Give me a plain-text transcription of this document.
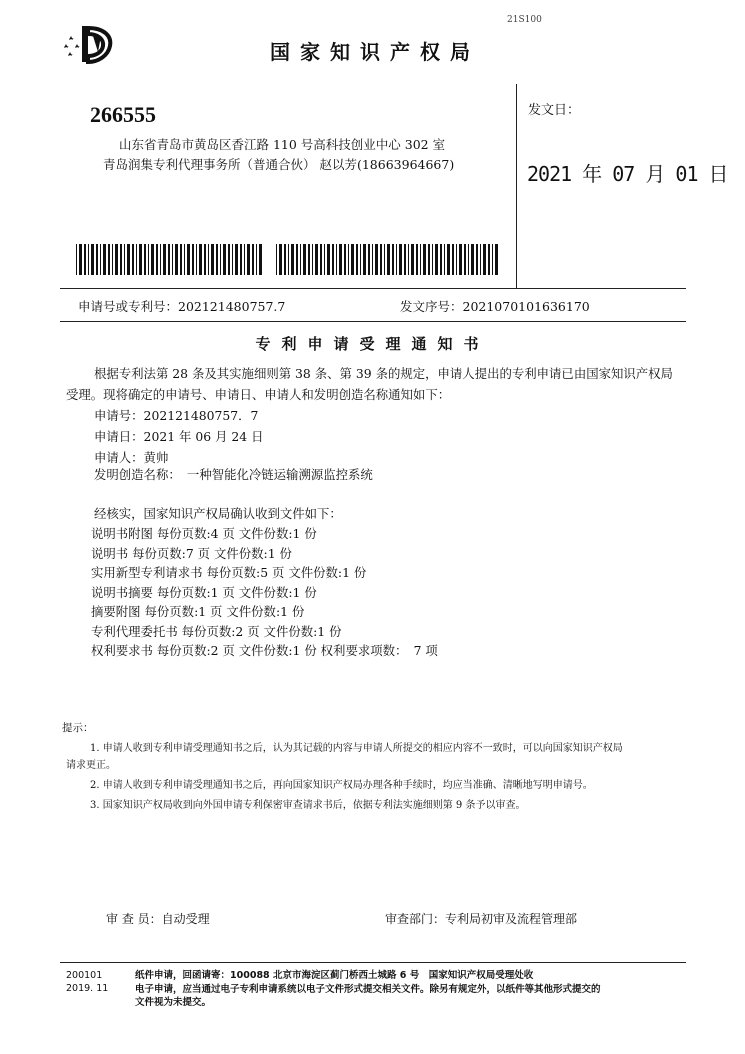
21S100
国家知识产权局
266555
山东省青岛市黄岛区香江路 110 号高科技创业中心 302 室
青岛润集专利代理事务所（普通合伙） 赵以芳(18663964667)
发文日：
2021 年 07 月 01 日
申请号或专利号：202121480757.7	发文序号：2021070101636170
专利申请受理通知书
根据专利法第 28 条及其实施细则第 38 条、第 39 条的规定，申请人提出的专利申请已由国家知识产权局
受理。现将确定的申请号、申请日、申请人和发明创造名称通知如下：
申请号：202121480757．7
申请日：2021 年 06 月 24 日
申请人：黄帅
发明创造名称：　一种智能化冷链运输溯源监控系统
经核实，国家知识产权局确认收到文件如下：
说明书附图 每份页数:4 页 文件份数:1 份
说明书 每份页数:7 页 文件份数:1 份
实用新型专利请求书 每份页数:5 页 文件份数:1 份
说明书摘要 每份页数:1 页 文件份数:1 份
摘要附图 每份页数:1 页 文件份数:1 份
专利代理委托书 每份页数:2 页 文件份数:1 份
权利要求书 每份页数:2 页 文件份数:1 份 权利要求项数：　7 项
提示：
1. 申请人收到专利申请受理通知书之后，认为其记载的内容与申请人所提交的相应内容不一致时，可以向国家知识产权局
请求更正。
2. 申请人收到专利申请受理通知书之后，再向国家知识产权局办理各种手续时，均应当准确、清晰地写明申请号。
3. 国家知识产权局收到向外国申请专利保密审查请求书后，依据专利法实施细则第 9 条予以审查。
审 查 员：自动受理	审查部门：专利局初审及流程管理部
200101
2019. 11
纸件申请，回函请寄：100088 北京市海淀区蓟门桥西土城路 6 号　国家知识产权局受理处收
电子申请，应当通过电子专利申请系统以电子文件形式提交相关文件。除另有规定外，以纸件等其他形式提交的
文件视为未提交。
